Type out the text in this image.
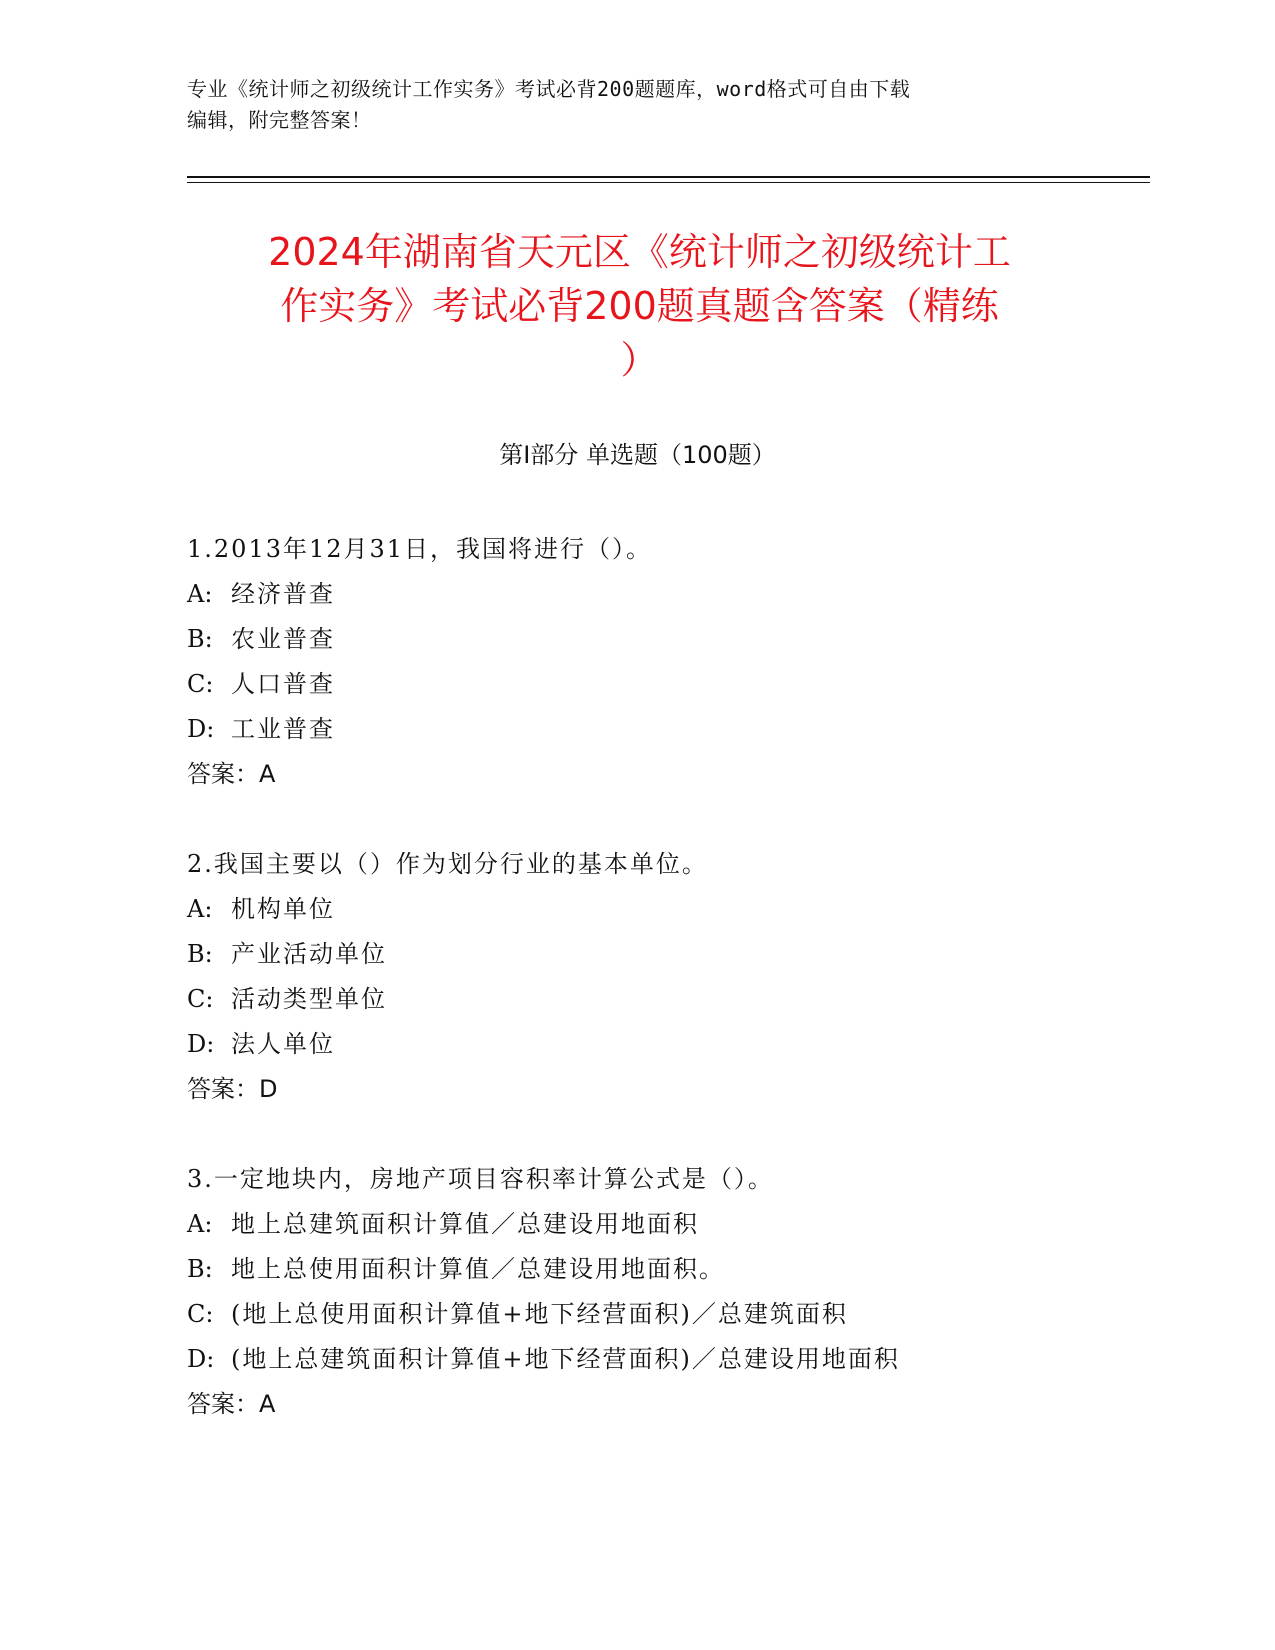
专业《统计师之初级统计工作实务》考试必背200题题库，word格式可自由下载
编辑，附完整答案！
2024年湖南省天元区《统计师之初级统计工
作实务》考试必背200题真题含答案（精练
）
第Ⅰ部分 单选题（100题）
1.2013年12月31日，我国将进行（）。
A: 经济普查
B: 农业普查
C: 人口普查
D: 工业普查
答案：A
2.我国主要以（）作为划分行业的基本单位。
A: 机构单位
B: 产业活动单位
C: 活动类型单位
D: 法人单位
答案：D
3.一定地块内，房地产项目容积率计算公式是（）。
A: 地上总建筑面积计算值／总建设用地面积
B: 地上总使用面积计算值／总建设用地面积。
C: (地上总使用面积计算值+地下经营面积)／总建筑面积
D: (地上总建筑面积计算值+地下经营面积)／总建设用地面积
答案：A
